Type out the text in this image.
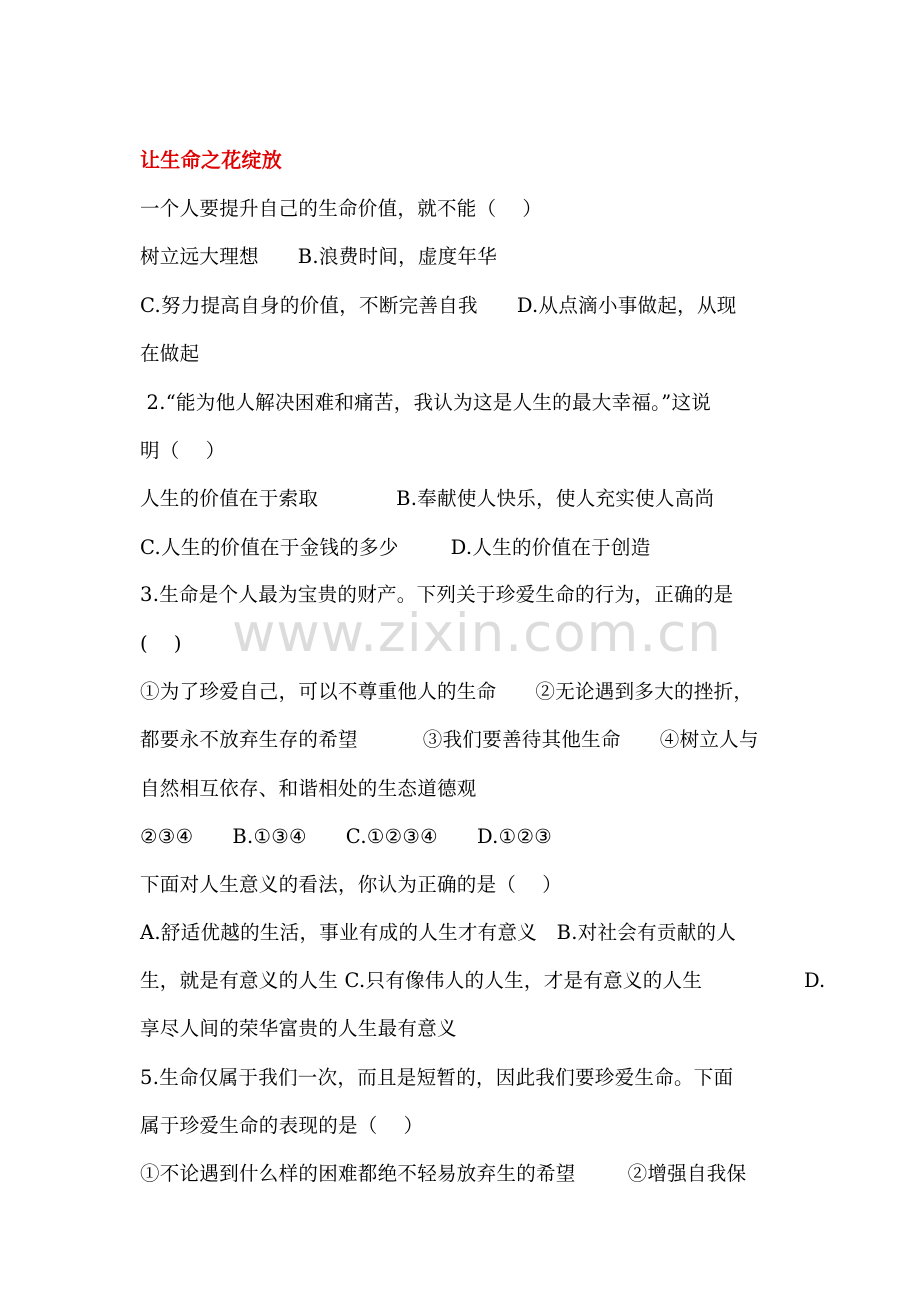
让生命之花绽放
一个人要提升自己的生命价值，就不能（    ）
树立远大理想      B.浪费时间，虚度年华
C.努力提高自身的价值，不断完善自我      D.从点滴小事做起，从现
在做起
2.“能为他人解决困难和痛苦，我认为这是人生的最大幸福。”这说
明（    ）
人生的价值在于索取            B.奉献使人快乐，使人充实使人高尚
C.人生的价值在于金钱的多少        D.人生的价值在于创造
3.生命是个人最为宝贵的财产。下列关于珍爱生命的行为，正确的是
(    )
①为了珍爱自己，可以不尊重他人的生命      ②无论遇到多大的挫折，
都要永不放弃生存的希望          ③我们要善待其他生命      ④树立人与
自然相互依存、和谐相处的生态道德观
②③④      B.①③④      C.①②③④      D.①②③
下面对人生意义的看法，你认为正确的是（    ）
A.舒适优越的生活，事业有成的人生才有意义   B.对社会有贡献的人
生，就是有意义的人生 C.只有像伟人的人生，才是有意义的人生	D.
享尽人间的荣华富贵的人生最有意义
5.生命仅属于我们一次，而且是短暂的，因此我们要珍爱生命。下面
属于珍爱生命的表现的是（    ）
①不论遇到什么样的困难都绝不轻易放弃生的希望        ②增强自我保
www.zixin.com.cn
